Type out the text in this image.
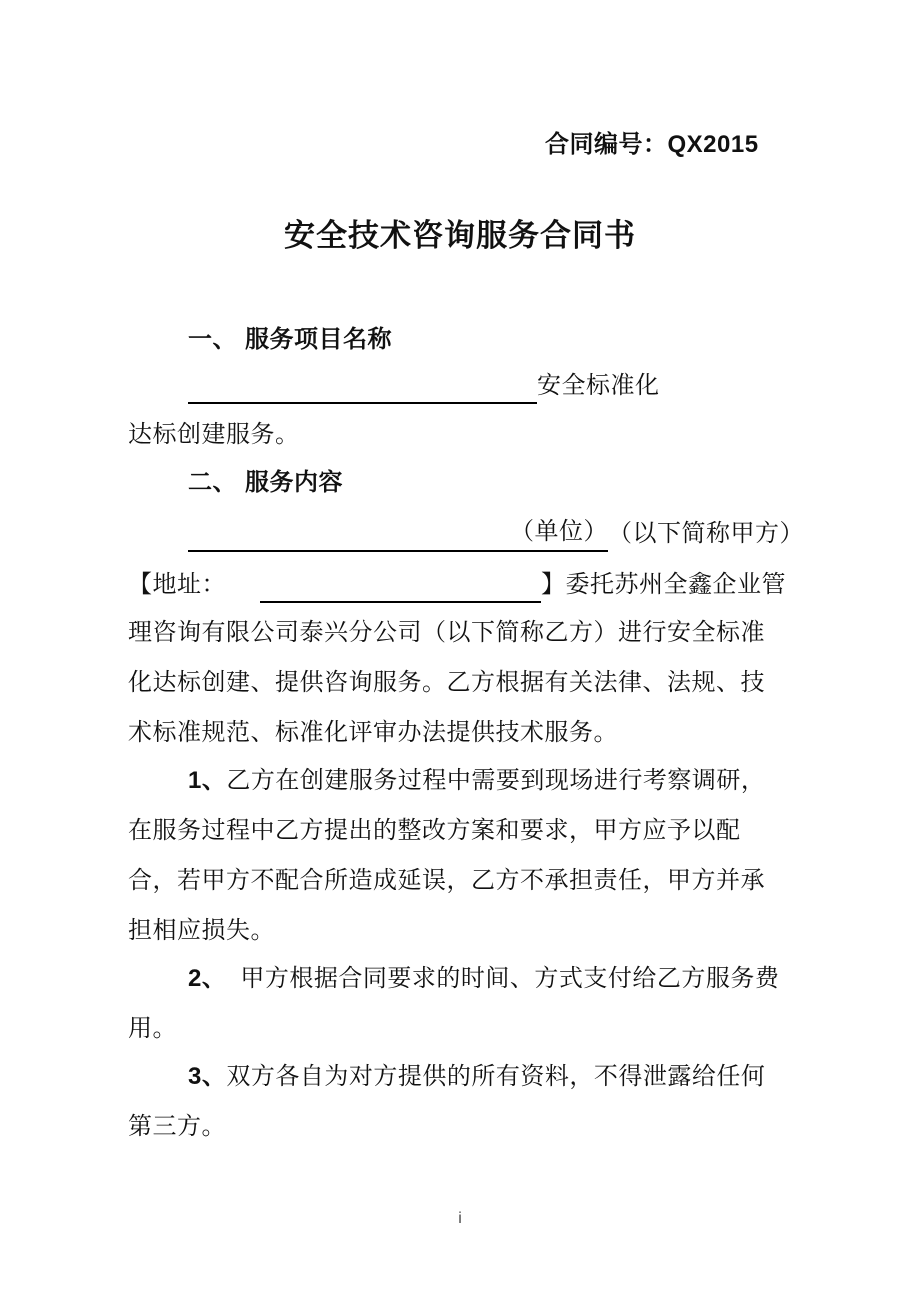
合同编号：QX2015
安全技术咨询服务合同书
一、 服务项目名称
安全标准化
达标创建服务。
二、 服务内容
（单位）（以下简称甲方）
【地址：	】委托苏州全鑫企业管
理咨询有限公司泰兴分公司（以下简称乙方）进行安全标准
化达标创建、提供咨询服务。乙方根据有关法律、法规、技
术标准规范、标准化评审办法提供技术服务。
1、乙方在创建服务过程中需要到现场进行考察调研，
在服务过程中乙方提出的整改方案和要求，甲方应予以配
合，若甲方不配合所造成延误，乙方不承担责任，甲方并承
担相应损失。
2、 甲方根据合同要求的时间、方式支付给乙方服务费
用。
3、双方各自为对方提供的所有资料，不得泄露给任何
第三方。
i
